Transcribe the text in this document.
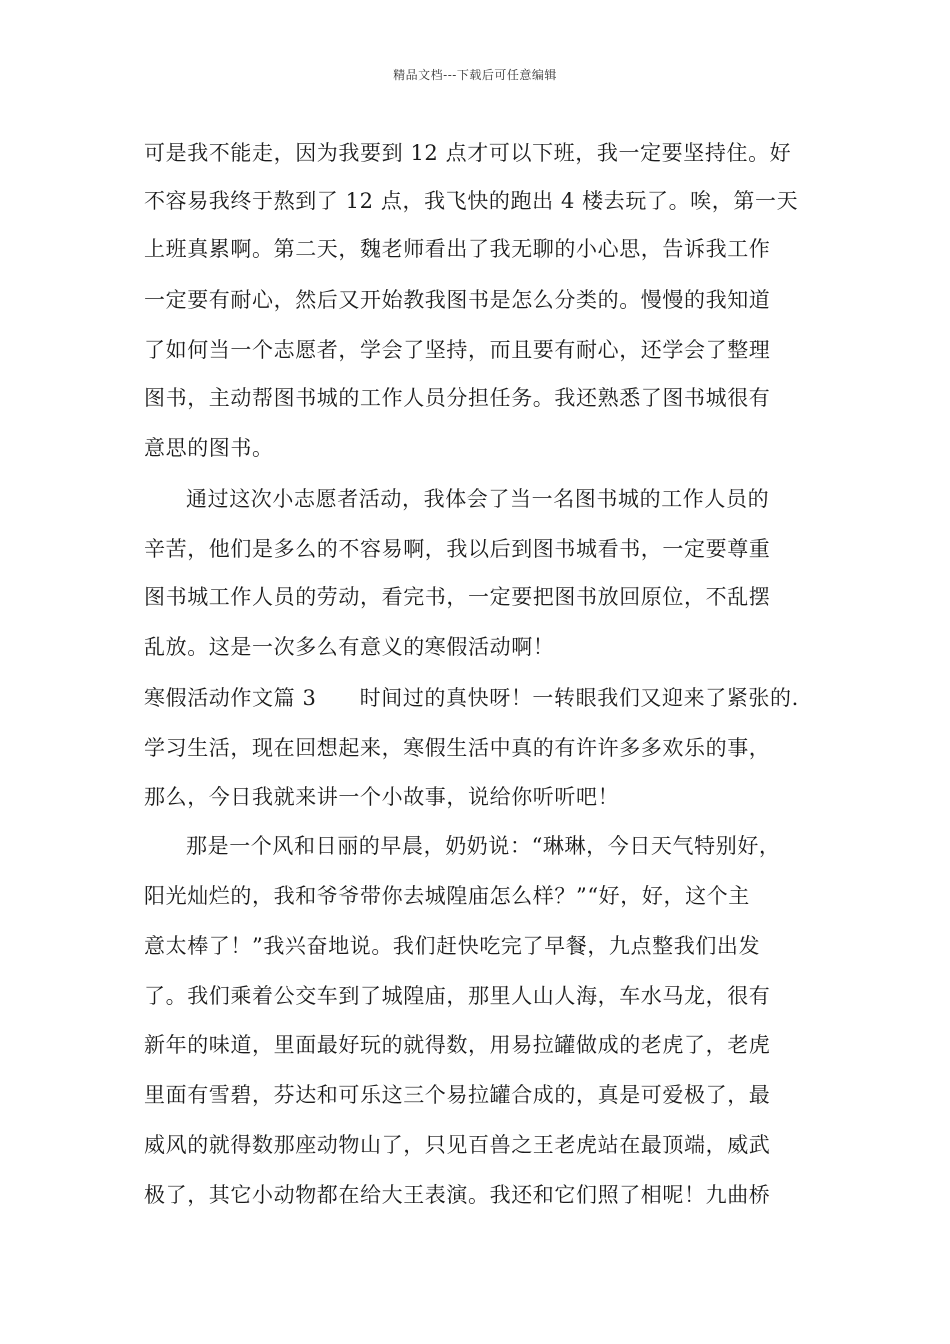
精品文档---下载后可任意编辑
可是我不能走，因为我要到 12 点才可以下班，我一定要坚持住。好
不容易我终于熬到了 12 点，我飞快的跑出 4 楼去玩了。唉，第一天
上班真累啊。第二天，魏老师看出了我无聊的小心思，告诉我工作
一定要有耐心，然后又开始教我图书是怎么分类的。慢慢的我知道
了如何当一个志愿者，学会了坚持，而且要有耐心，还学会了整理
图书，主动帮图书城的工作人员分担任务。我还熟悉了图书城很有
意思的图书。
通过这次小志愿者活动，我体会了当一名图书城的工作人员的
辛苦，他们是多么的不容易啊，我以后到图书城看书，一定要尊重
图书城工作人员的劳动，看完书，一定要把图书放回原位，不乱摆
乱放。这是一次多么有意义的寒假活动啊！
寒假活动作文篇 3　　时间过的真快呀！一转眼我们又迎来了紧张的.
学习生活，现在回想起来，寒假生活中真的有许许多多欢乐的事，
那么，今日我就来讲一个小故事，说给你听听吧！
那是一个风和日丽的早晨，奶奶说：“琳琳，今日天气特别好，
阳光灿烂的，我和爷爷带你去城隍庙怎么样？”“好，好，这个主
意太棒了！”我兴奋地说。我们赶快吃完了早餐，九点整我们出发
了。我们乘着公交车到了城隍庙，那里人山人海，车水马龙，很有
新年的味道，里面最好玩的就得数，用易拉罐做成的老虎了，老虎
里面有雪碧，芬达和可乐这三个易拉罐合成的，真是可爱极了，最
威风的就得数那座动物山了，只见百兽之王老虎站在最顶端，威武
极了，其它小动物都在给大王表演。我还和它们照了相呢！九曲桥
